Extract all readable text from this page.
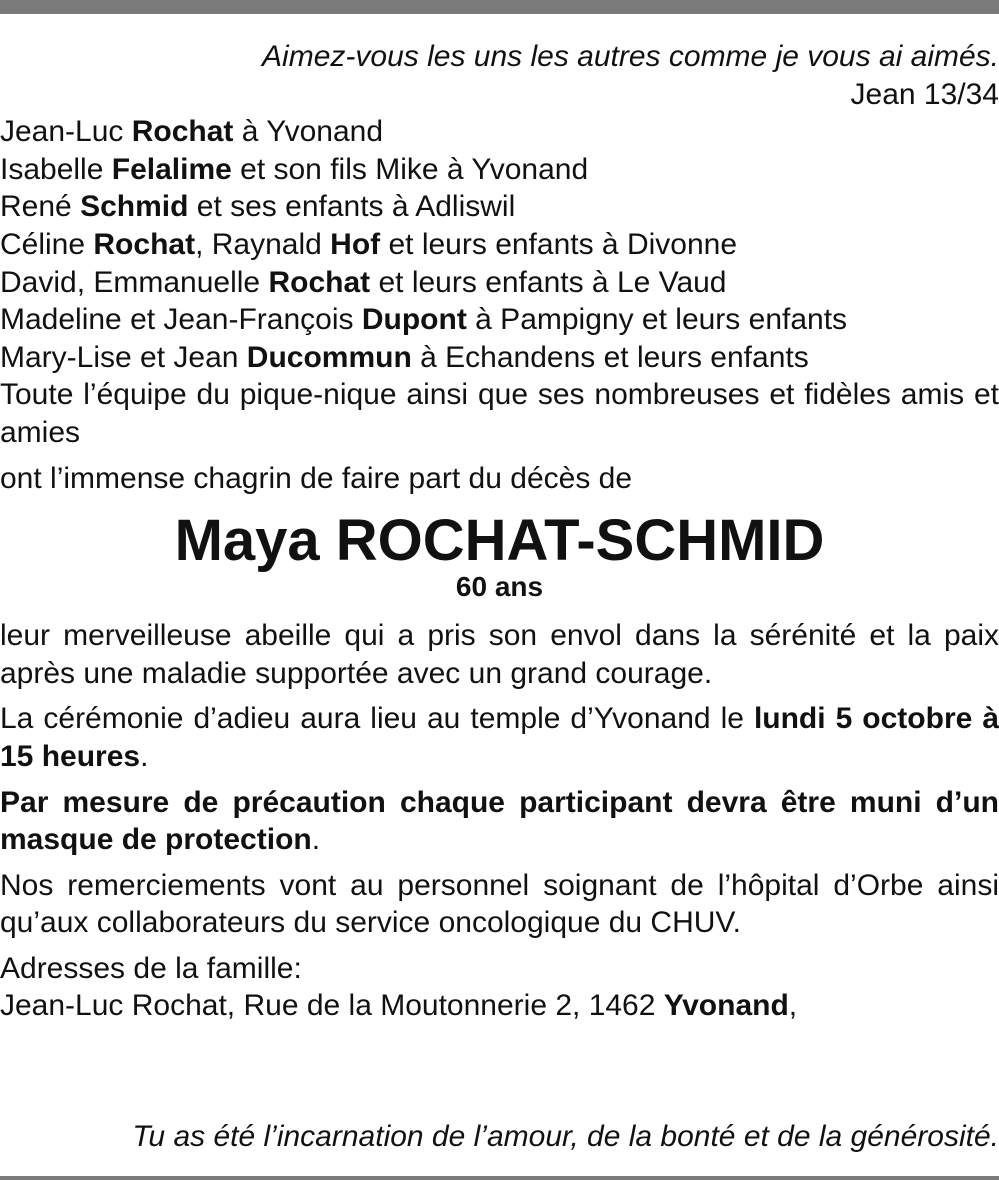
Aimez-vous les uns les autres comme je vous ai aimés.
Jean 13/34
Jean-Luc Rochat à Yvonand
Isabelle Felalime et son fils Mike à Yvonand
René Schmid et ses enfants à Adliswil
Céline Rochat, Raynald Hof et leurs enfants à Divonne
David, Emmanuelle Rochat et leurs enfants à Le Vaud
Madeline et Jean-François Dupont à Pampigny et leurs enfants
Mary-Lise et Jean Ducommun à Echandens et leurs enfants
Toute l’équipe du pique-nique ainsi que ses nombreuses et fidèles amis et amies
ont l’immense chagrin de faire part du décès de
Maya ROCHAT-SCHMID
60 ans

leur merveilleuse abeille qui a pris son envol dans la sérénité et la paix après une maladie supportée avec un grand courage.

La cérémonie d’adieu aura lieu au temple d’Yvonand le lundi 5 octobre à 15 heures.

Par mesure de précaution chaque participant devra être muni d’un masque de protection.

Nos remerciements vont au personnel soignant de l’hôpital d’Orbe ainsi qu’aux collaborateurs du service oncologique du CHUV.

Adresses de la famille:
Jean-Luc Rochat, Rue de la Moutonnerie 2, 1462 Yvonand,
Tu as été l’incarnation de l’amour, de la bonté et de la générosité.
